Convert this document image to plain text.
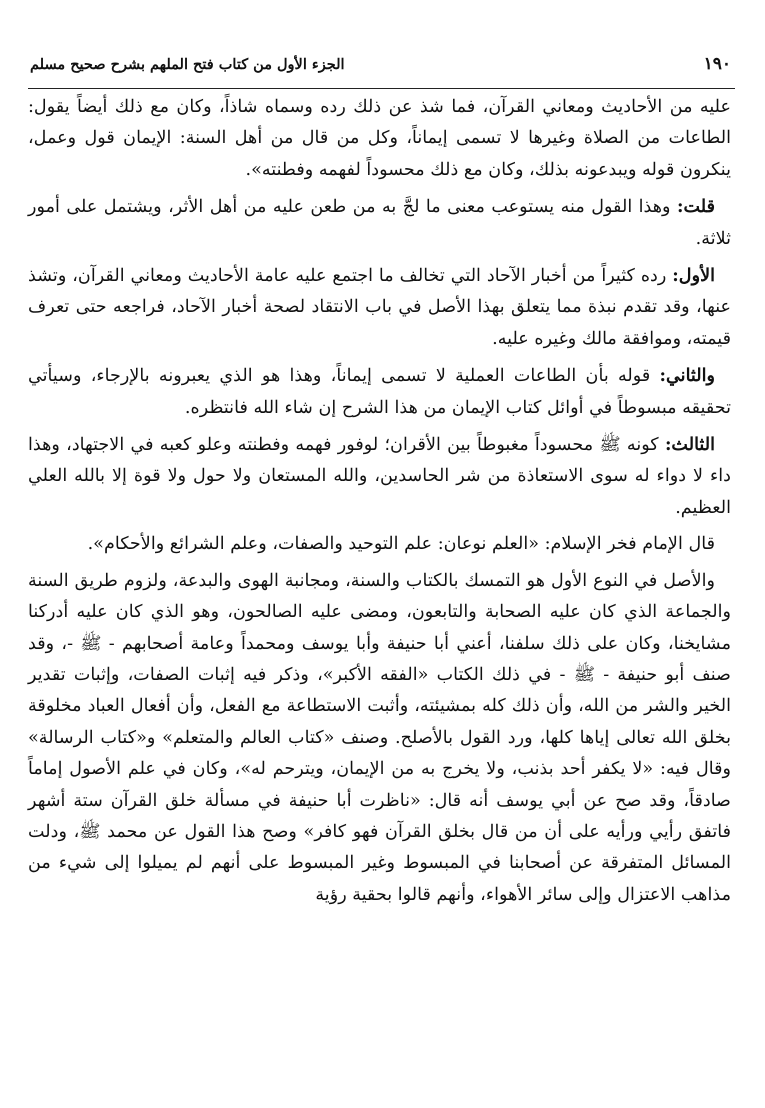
١٩٠
الجزء الأول من كتاب فتح الملهم بشرح صحيح مسلم

عليه من الأحاديث ومعاني القرآن، فما شذ عن ذلك رده وسماه شاذاً، وكان مع ذلك أيضاً يقول: الطاعات من الصلاة وغيرها لا تسمى إيماناً، وكل من قال من أهل السنة: الإيمان قول وعمل، ينكرون قوله ويبدعونه بذلك، وكان مع ذلك محسوداً لفهمه وفطنته».

قلت: وهذا القول منه يستوعب معنى ما لجَّ به من طعن عليه من أهل الأثر، ويشتمل على أمور ثلاثة.

الأول: رده كثيراً من أخبار الآحاد التي تخالف ما اجتمع عليه عامة الأحاديث ومعاني القرآن، وتشذ عنها، وقد تقدم نبذة مما يتعلق بهذا الأصل في باب الانتقاد لصحة أخبار الآحاد، فراجعه حتى تعرف قيمته، وموافقة مالك وغيره عليه.

والثاني: قوله بأن الطاعات العملية لا تسمى إيماناً، وهذا هو الذي يعبرونه بالإرجاء، وسيأتي تحقيقه مبسوطاً في أوائل كتاب الإيمان من هذا الشرح إن شاء الله فانتظره.

الثالث: كونه ﷺ محسوداً مغبوطاً بين الأقران؛ لوفور فهمه وفطنته وعلو كعبه في الاجتهاد، وهذا داء لا دواء له سوى الاستعاذة من شر الحاسدين، والله المستعان ولا حول ولا قوة إلا بالله العلي العظيم.

قال الإمام فخر الإسلام: «العلم نوعان: علم التوحيد والصفات، وعلم الشرائع والأحكام».

والأصل في النوع الأول هو التمسك بالكتاب والسنة، ومجانبة الهوى والبدعة، ولزوم طريق السنة والجماعة الذي كان عليه الصحابة والتابعون، ومضى عليه الصالحون، وهو الذي كان عليه أدركنا مشايخنا، وكان على ذلك سلفنا، أعني أبا حنيفة وأبا يوسف ومحمداً وعامة أصحابهم - ﷺ -، وقد صنف أبو حنيفة - ﷺ - في ذلك الكتاب «الفقه الأكبر»، وذكر فيه إثبات الصفات، وإثبات تقدير الخير والشر من الله، وأن ذلك كله بمشيئته، وأثبت الاستطاعة مع الفعل، وأن أفعال العباد مخلوقة بخلق الله تعالى إياها كلها، ورد القول بالأصلح. وصنف «كتاب العالم والمتعلم» و«كتاب الرسالة» وقال فيه: «لا يكفر أحد بذنب، ولا يخرج به من الإيمان، ويترحم له»، وكان في علم الأصول إماماً صادقاً، وقد صح عن أبي يوسف أنه قال: «ناظرت أبا حنيفة في مسألة خلق القرآن ستة أشهر فاتفق رأيي ورأيه على أن من قال بخلق القرآن فهو كافر» وصح هذا القول عن محمد ﷺ، ودلت المسائل المتفرقة عن أصحابنا في المبسوط وغير المبسوط على أنهم لم يميلوا إلى شيء من مذاهب الاعتزال وإلى سائر الأهواء، وأنهم قالوا بحقية رؤية
